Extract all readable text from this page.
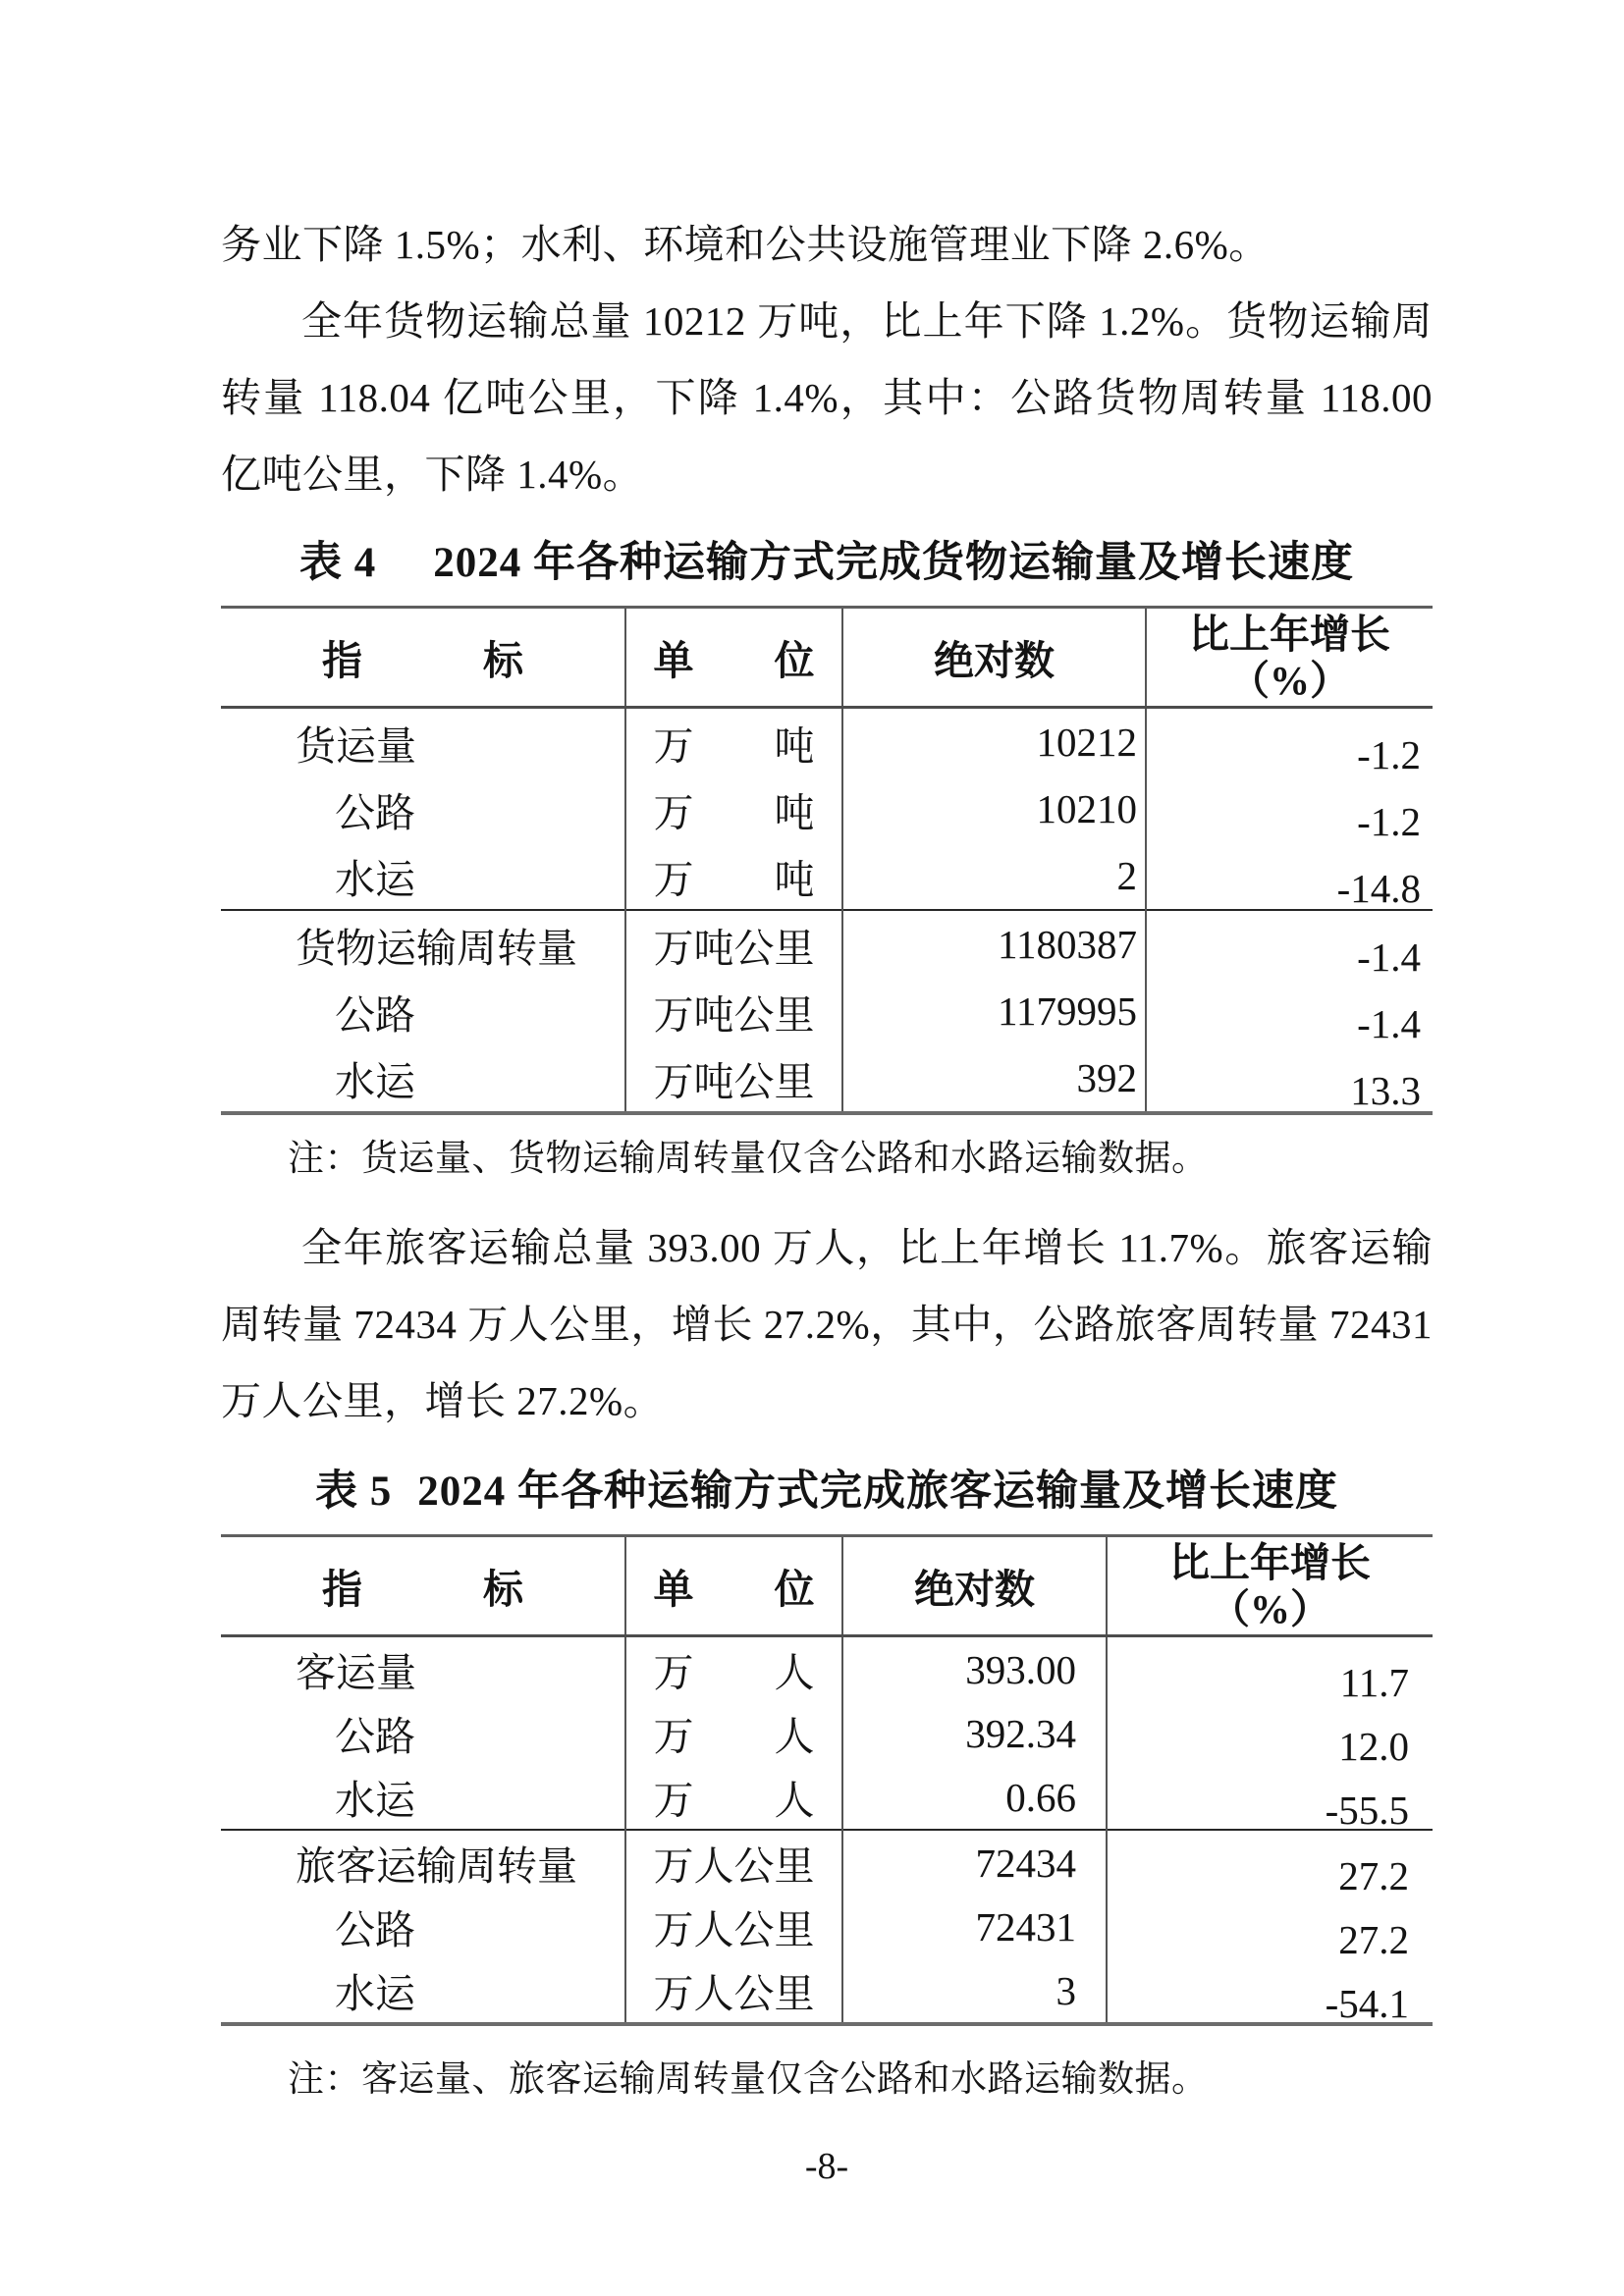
务业下降 1.5%；水利、环境和公共设施管理业下降 2.6%。

全年货物运输总量 10212 万吨，比上年下降 1.2%。货物运输周转量 118.04 亿吨公里，下降 1.4%，其中：公路货物周转量 118.00 亿吨公里，下降 1.4%。

表 4 2024 年各种运输方式完成货物运输量及增长速度
指　　　标	单　　位	绝对数	比上年增长
（%）

货运量	万　　吨	10212	-1.2
公路	万　　吨	10210	-1.2
水运	万　　吨	2	-14.8
货物运输周转量	万吨公里	1180387	-1.4
公路	万吨公里	1179995	-1.4
水运	万吨公里	392	13.3

注：货运量、货物运输周转量仅含公路和水路运输数据。

全年旅客运输总量 393.00 万人，比上年增长 11.7%。旅客运输周转量 72434 万人公里，增长 27.2%，其中，公路旅客周转量 72431 万人公里，增长 27.2%。

表 5 2024 年各种运输方式完成旅客运输量及增长速度
指　　　标	单　　位	绝对数	比上年增长
（%）

客运量	万　　人	393.00	11.7
公路	万　　人	392.34	12.0
水运	万　　人	0.66	-55.5
旅客运输周转量	万人公里	72434	27.2
公路	万人公里	72431	27.2
水运	万人公里	3	-54.1

注：客运量、旅客运输周转量仅含公路和水路运输数据。

-8-
